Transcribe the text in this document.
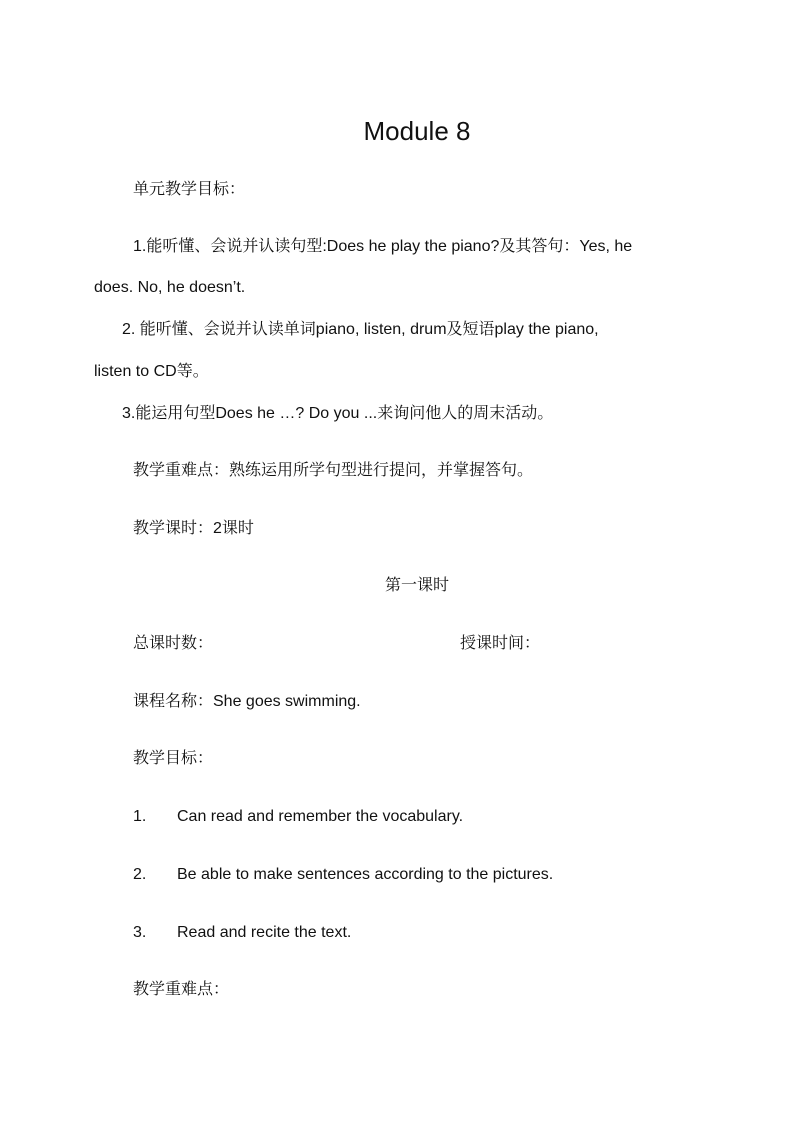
Module 8
单元教学目标：
1.能听懂、会说并认读句型:Does he play the piano?及其答句：Yes, he
does. No, he doesn’t.
2. 能听懂、会说并认读单词piano, listen, drum及短语play the piano,
listen to CD等。
3.能运用句型Does he …? Do you ...来询问他人的周末活动。
教学重难点：熟练运用所学句型进行提问，并掌握答句。
教学课时：2课时
第一课时
总课时数：	授课时间：
课程名称：She goes swimming.
教学目标：
1. Can read and remember the vocabulary.
2. Be able to make sentences according to the pictures.
3. Read and recite the text.
教学重难点：
